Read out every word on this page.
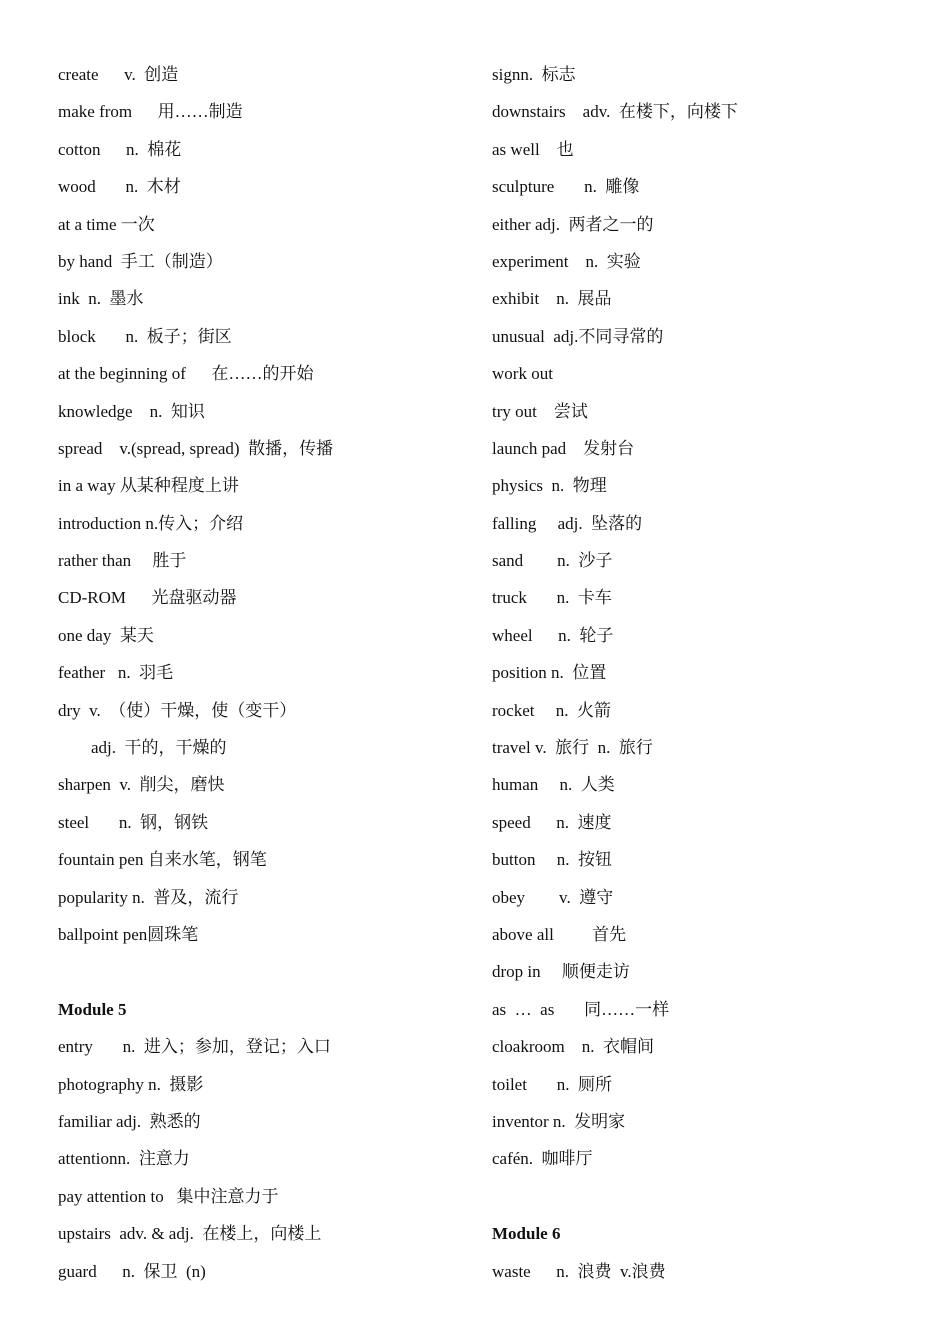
create      v.  创造
make from      用……制造
cotton      n.  棉花
wood       n.  木材
at a time 一次
by hand  手工（制造）
ink  n.  墨水
block       n.  板子；街区
at the beginning of      在……的开始
knowledge    n.  知识
spread    v.(spread, spread)  散播，传播
in a way 从某种程度上讲
introduction n.传入；介绍
rather than     胜于
CD-ROM      光盘驱动器
one day  某天
feather   n.  羽毛
dry  v.  （使）干燥，使（变干）
adj.  干的，干燥的
sharpen  v.  削尖，磨快
steel       n.  钢，钢铁
fountain pen 自来水笔，钢笔
popularity n.  普及，流行
ballpoint pen圆珠笔
Module 5
entry       n.  进入；参加，登记；入口
photography n.  摄影
familiar adj.  熟悉的
attentionn.  注意力
pay attention to   集中注意力于
upstairs  adv. & adj.  在楼上，向楼上
guard      n.  保卫  (n)
signn.  标志
downstairs    adv.  在楼下，向楼下
as well    也
sculpture       n.  雕像
either adj.  两者之一的
experiment    n.  实验
exhibit    n.  展品
unusual  adj.不同寻常的
work out
try out    尝试
launch pad    发射台
physics  n.  物理
falling     adj.  坠落的
sand        n.  沙子
truck       n.  卡车
wheel      n.  轮子
position n.  位置
rocket     n.  火箭
travel v.  旅行  n.  旅行
human     n.  人类
speed      n.  速度
button     n.  按钮
obey        v.  遵守
above all         首先
drop in     顺便走访
as  …  as       同……一样
cloakroom    n.  衣帽间
toilet       n.  厕所
inventor n.  发明家
cafén.  咖啡厅
Module 6
waste      n.  浪费  v.浪费
